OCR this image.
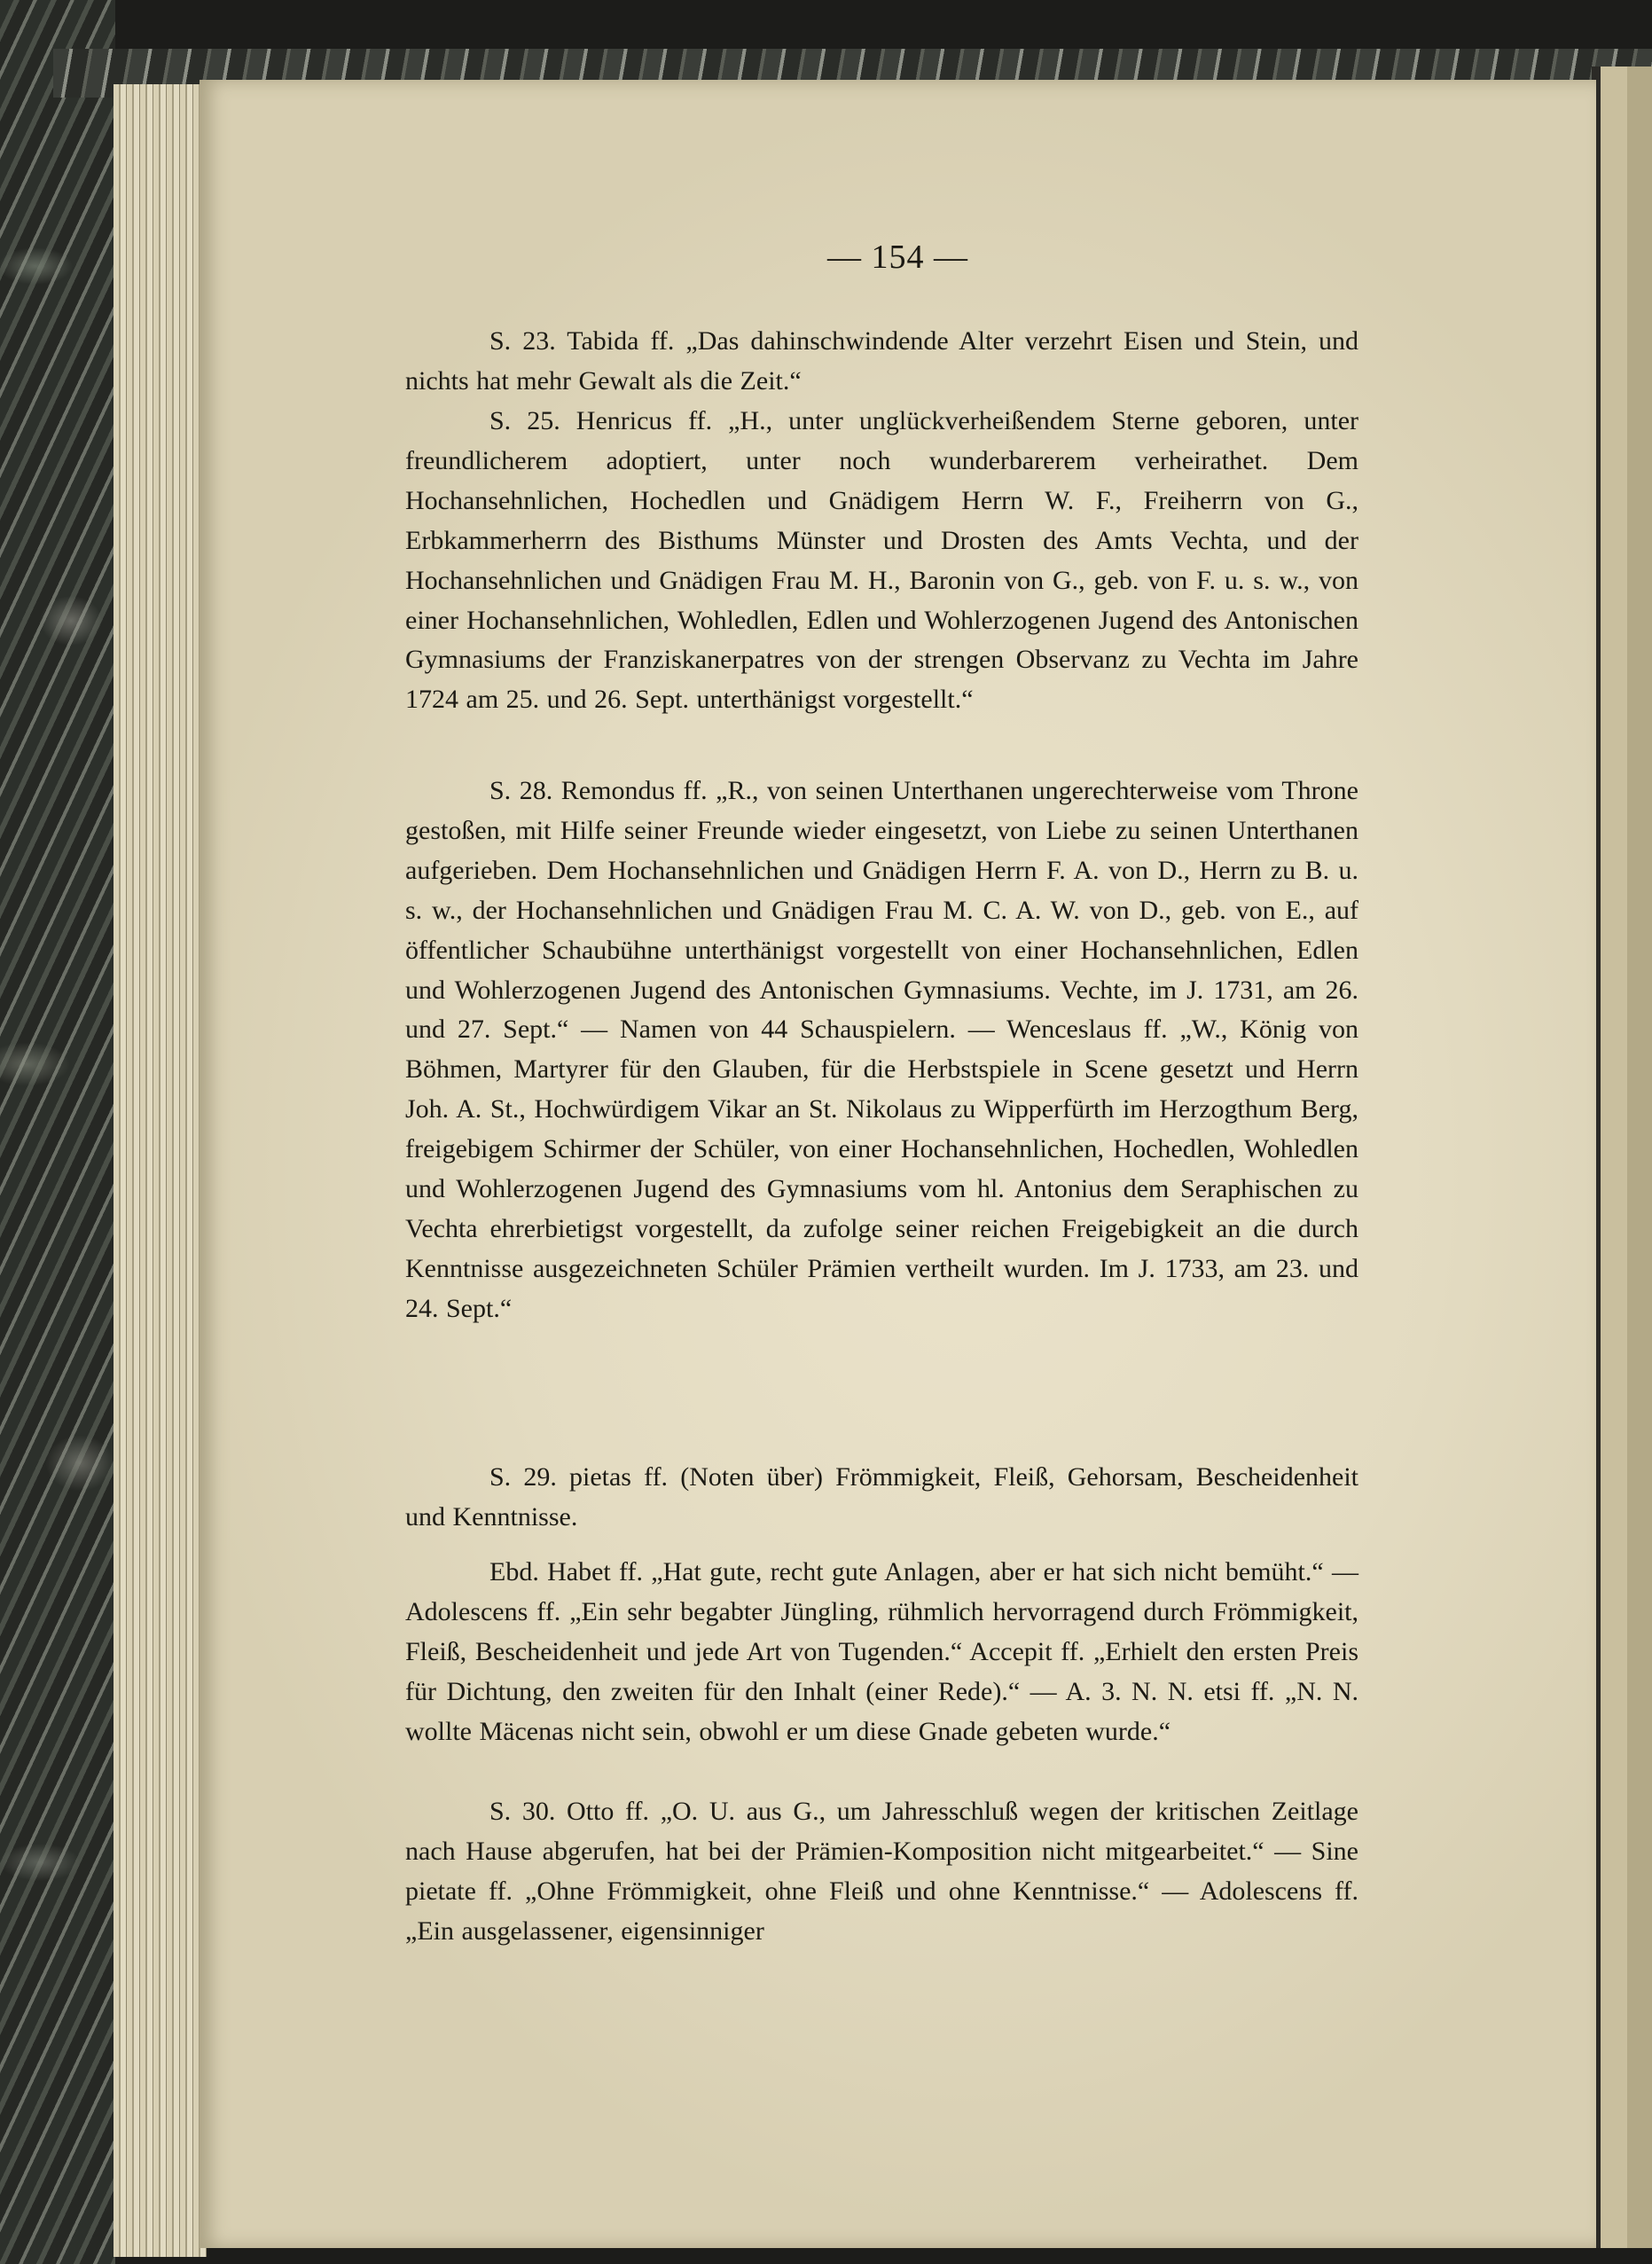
— 154 —

S. 23. Tabida ff. „Das dahinschwindende Alter verzehrt Eisen und Stein, und nichts hat mehr Gewalt als die Zeit.“

S. 25. Henricus ff. „H., unter unglückverheißendem Sterne geboren, unter freundlicherem adoptiert, unter noch wunderbarerem verheirathet. Dem Hochansehnlichen, Hochedlen und Gnädigem Herrn W. F., Freiherrn von G., Erbkammerherrn des Bisthums Münster und Drosten des Amts Vechta, und der Hochansehnlichen und Gnädigen Frau M. H., Baronin von G., geb. von F. u. s. w., von einer Hochansehnlichen, Wohledlen, Edlen und Wohlerzogenen Jugend des Antonischen Gymnasiums der Franziskanerpatres von der strengen Observanz zu Vechta im Jahre 1724 am 25. und 26. Sept. unterthänigst vorgestellt.“

S. 28. Remondus ff. „R., von seinen Unterthanen ungerechterweise vom Throne gestoßen, mit Hilfe seiner Freunde wieder eingesetzt, von Liebe zu seinen Unterthanen aufgerieben. Dem Hochansehnlichen und Gnädigen Herrn F. A. von D., Herrn zu B. u. s. w., der Hochansehnlichen und Gnädigen Frau M. C. A. W. von D., geb. von E., auf öffentlicher Schaubühne unterthänigst vorgestellt von einer Hochansehnlichen, Edlen und Wohlerzogenen Jugend des Antonischen Gymnasiums. Vechte, im J. 1731, am 26. und 27. Sept.“ — Namen von 44 Schauspielern. — Wenceslaus ff. „W., König von Böhmen, Martyrer für den Glauben, für die Herbstspiele in Scene gesetzt und Herrn Joh. A. St., Hochwürdigem Vikar an St. Nikolaus zu Wipperfürth im Herzogthum Berg, freigebigem Schirmer der Schüler, von einer Hochansehnlichen, Hochedlen, Wohledlen und Wohlerzogenen Jugend des Gymnasiums vom hl. Antonius dem Seraphischen zu Vechta ehrerbietigst vorgestellt, da zufolge seiner reichen Freigebigkeit an die durch Kenntnisse ausgezeichneten Schüler Prämien vertheilt wurden. Im J. 1733, am 23. und 24. Sept.“

S. 29. pietas ff. (Noten über) Frömmigkeit, Fleiß, Gehorsam, Bescheidenheit und Kenntnisse.

Ebd. Habet ff. „Hat gute, recht gute Anlagen, aber er hat sich nicht bemüht.“ — Adolescens ff. „Ein sehr begabter Jüngling, rühmlich hervorragend durch Frömmigkeit, Fleiß, Bescheidenheit und jede Art von Tugenden.“ Accepit ff. „Erhielt den ersten Preis für Dichtung, den zweiten für den Inhalt (einer Rede).“ — A. 3. N. N. etsi ff. „N. N. wollte Mäcenas nicht sein, obwohl er um diese Gnade gebeten wurde.“

S. 30. Otto ff. „O. U. aus G., um Jahresschluß wegen der kritischen Zeitlage nach Hause abgerufen, hat bei der Prämien-Komposition nicht mitgearbeitet.“ — Sine pietate ff. „Ohne Frömmigkeit, ohne Fleiß und ohne Kenntnisse.“ — Adolescens ff. „Ein ausgelassener, eigensinniger
